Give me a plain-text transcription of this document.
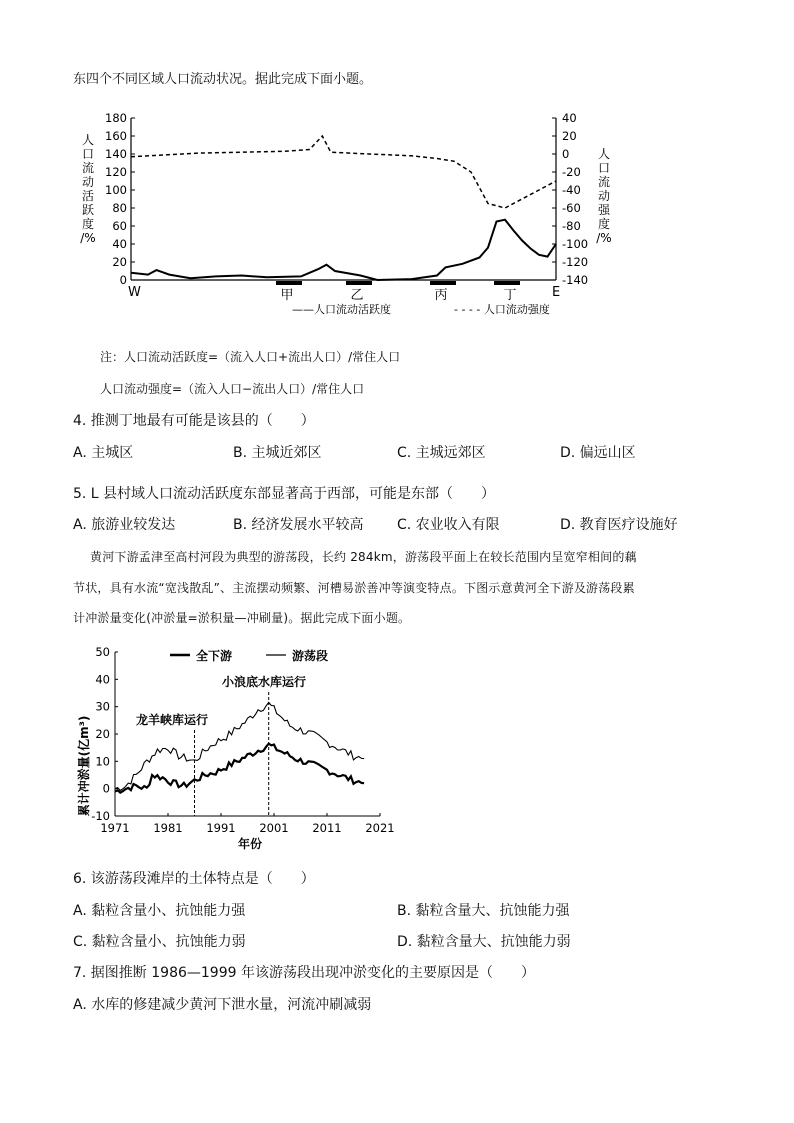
东四个不同区域人口流动状况。据此完成下面小题。
人
口
流
动
活
跃
度
/%
人
口
流
动
强
度
/%
180
160
140
120
100
80
60
40
20
0
40
20
0
-20
-40
-60
-80
-100
-120
-140
W	E
甲	乙	丙	丁
——人口流动活跃度	- - - - 人口流动强度
注：人口流动活跃度=（流入人口+流出人口）/常住人口
人口流动强度=（流入人口−流出人口）/常住人口
4. 推测丁地最有可能是该县的（　　）
A. 主城区	B. 主城近郊区	C. 主城远郊区	D. 偏远山区
5. L 县村域人口流动活跃度东部显著高于西部，可能是东部（　　）
A. 旅游业较发达	B. 经济发展水平较高 C. 农业收入有限	D. 教育医疗设施好
黄河下游孟津至高村河段为典型的游荡段，长约 284km，游荡段平面上在较长范围内呈宽窄相间的藕
节状，具有水流“宽浅散乱”、主流摆动频繁、河槽易淤善冲等演变特点。下图示意黄河全下游及游荡段累
计冲淤量变化(冲淤量=淤积量—冲刷量)。据此完成下面小题。
累计冲淤量(亿m³)
50
40
30
20
10
0
-10
1971 1981 1991 2001 2011 2021
年份
全下游	游荡段
龙羊峡库运行
小浪底水库运行
6. 该游荡段滩岸的土体特点是（　　）
A. 黏粒含量小、抗蚀能力强	B. 黏粒含量大、抗蚀能力强
C. 黏粒含量小、抗蚀能力弱	D. 黏粒含量大、抗蚀能力弱
7. 据图推断 1986—1999 年该游荡段出现冲淤变化的主要原因是（　　）
A. 水库的修建减少黄河下泄水量，河流冲刷减弱
